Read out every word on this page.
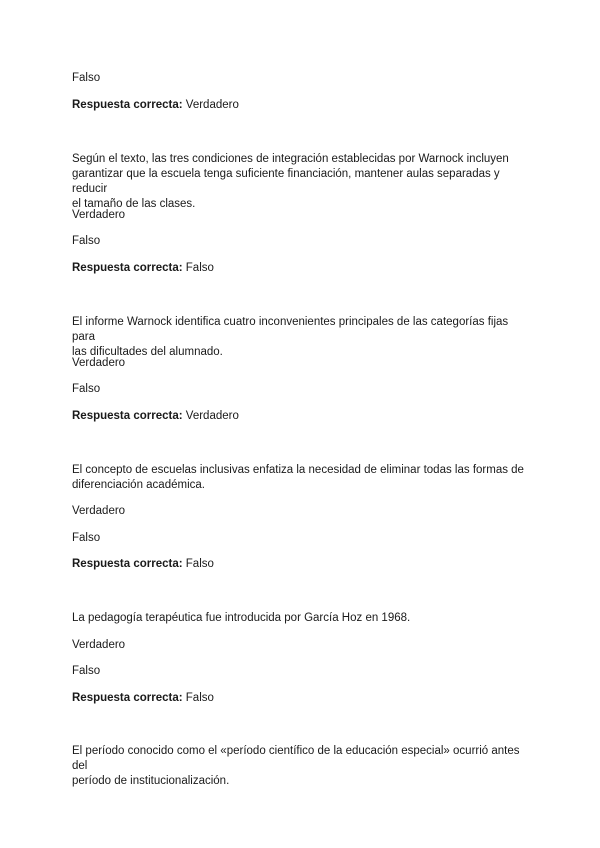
Falso
Respuesta correcta: Verdadero
Según el texto, las tres condiciones de integración establecidas por Warnock incluyen
garantizar que la escuela tenga suficiente financiación, mantener aulas separadas y reducir
el tamaño de las clases.
Verdadero
Falso
Respuesta correcta: Falso
El informe Warnock identifica cuatro inconvenientes principales de las categorías fijas para
las dificultades del alumnado.
Verdadero
Falso
Respuesta correcta: Verdadero
El concepto de escuelas inclusivas enfatiza la necesidad de eliminar todas las formas de
diferenciación académica.
Verdadero
Falso
Respuesta correcta: Falso
La pedagogía terapéutica fue introducida por García Hoz en 1968.
Verdadero
Falso
Respuesta correcta: Falso
El período conocido como el «período científico de la educación especial» ocurrió antes del
período de institucionalización.
